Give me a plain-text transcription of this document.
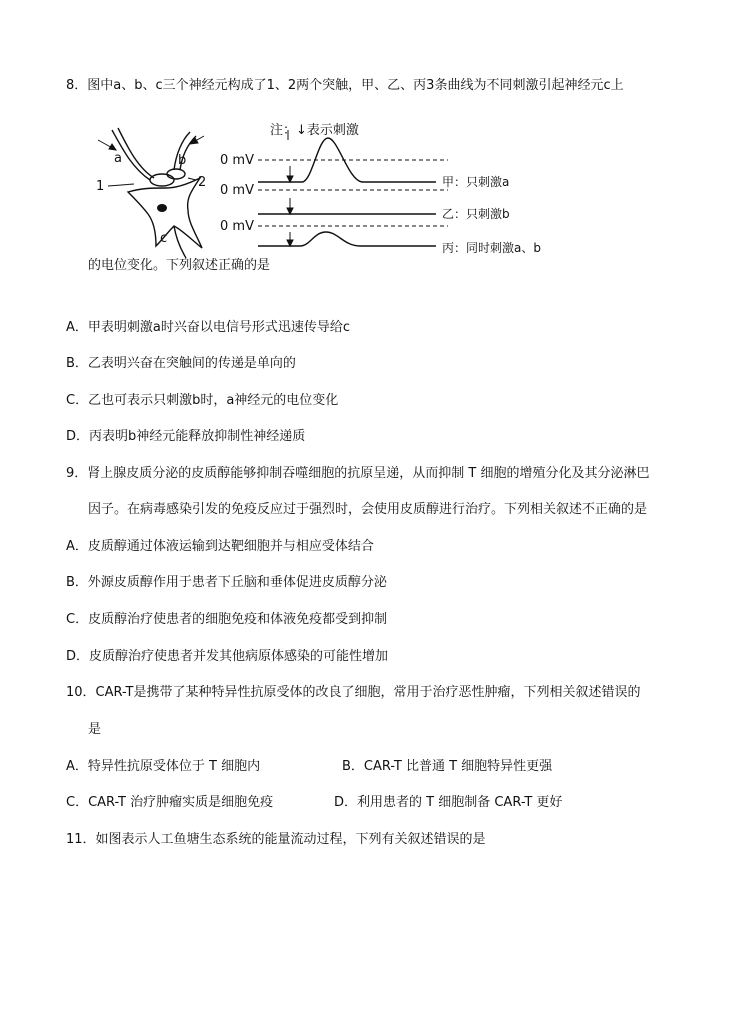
8．图中a、b、c三个神经元构成了1、2两个突触，甲、乙、丙3条曲线为不同刺激引起神经元c上
a	b
c
1	2
注：↓表示刺激
0 mV
0 mV
0 mV
甲：只刺激a
乙：只刺激b
丙：同时刺激a、b
的电位变化。下列叙述正确的是
A．甲表明刺激a时兴奋以电信号形式迅速传导给c
B．乙表明兴奋在突触间的传递是单向的
C．乙也可表示只刺激b时，a神经元的电位变化
D．丙表明b神经元能释放抑制性神经递质
9．肾上腺皮质分泌的皮质醇能够抑制吞噬细胞的抗原呈递，从而抑制 T 细胞的增殖分化及其分泌淋巴
因子。在病毒感染引发的免疫反应过于强烈时，会使用皮质醇进行治疗。下列相关叙述不正确的是
A．皮质醇通过体液运输到达靶细胞并与相应受体结合
B．外源皮质醇作用于患者下丘脑和垂体促进皮质醇分泌
C．皮质醇治疗使患者的细胞免疫和体液免疫都受到抑制
D．皮质醇治疗使患者并发其他病原体感染的可能性增加
10．CAR-T是携带了某种特异性抗原受体的改良了细胞，常用于治疗恶性肿瘤，下列相关叙述错误的
是
A．特异性抗原受体位于 T 细胞内	B．CAR-T 比普通 T 细胞特异性更强
C．CAR-T 治疗肿瘤实质是细胞免疫	D．利用患者的 T 细胞制备 CAR-T 更好
11．如图表示人工鱼塘生态系统的能量流动过程，下列有关叙述错误的是
